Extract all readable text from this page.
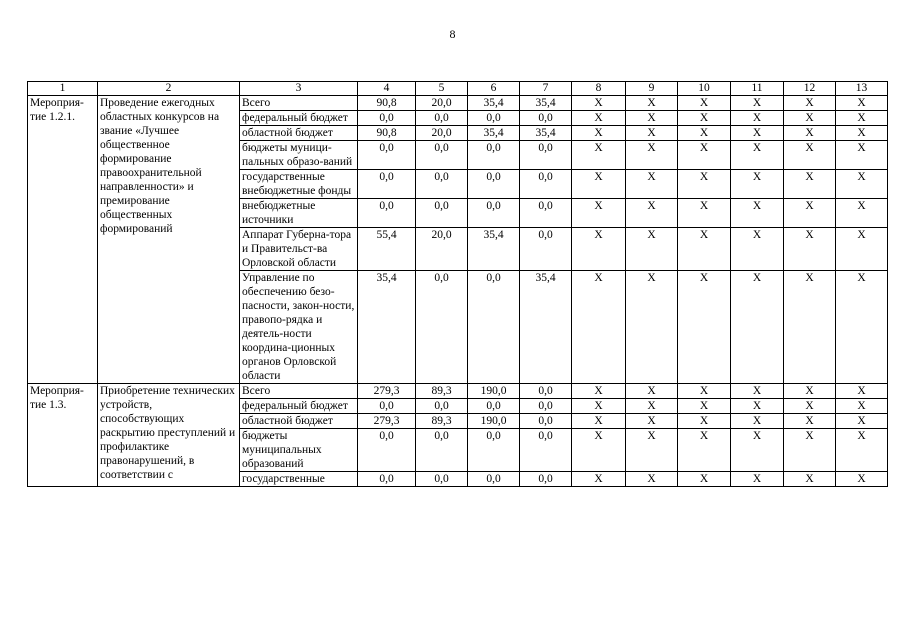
8
1	2	3	4	5	6	7	8	9	10	11	12	13
Мероприя-тие 1.2.1.	Проведение ежегодных областных конкурсов на звание «Лучшее общественное формирование правоохранительной направленности» и премирование общественных формирований	Всего	90,8	20,0	35,4	35,4	Х	Х	Х	Х	Х	Х
		федеральный бюджет	0,0	0,0	0,0	0,0	Х	Х	Х	Х	Х	Х
		областной бюджет	90,8	20,0	35,4	35,4	Х	Х	Х	Х	Х	Х
		бюджеты муници-пальных образо-ваний	0,0	0,0	0,0	0,0	Х	Х	Х	Х	Х	Х
		государственные внебюджетные фонды	0,0	0,0	0,0	0,0	Х	Х	Х	Х	Х	Х
		внебюджетные источники	0,0	0,0	0,0	0,0	Х	Х	Х	Х	Х	Х
		Аппарат Губерна-тора и Правительст-ва Орловской области	55,4	20,0	35,4	0,0	Х	Х	Х	Х	Х	Х
		Управление по обеспечению безо-пасности, закон-ности, правопо-рядка и деятель-ности координа-ционных органов Орловской области	35,4	0,0	0,0	35,4	Х	Х	Х	Х	Х	Х
Мероприя-тие 1.3.	Приобретение технических устройств, способствующих раскрытию преступлений и профилактике правонарушений, в соответствии с	Всего	279,3	89,3	190,0	0,0	Х	Х	Х	Х	Х	Х
		федеральный бюджет	0,0	0,0	0,0	0,0	Х	Х	Х	Х	Х	Х
		областной бюджет	279,3	89,3	190,0	0,0	Х	Х	Х	Х	Х	Х
		бюджеты муниципальных образований	0,0	0,0	0,0	0,0	Х	Х	Х	Х	Х	Х
		государственные	0,0	0,0	0,0	0,0	Х	Х	Х	Х	Х	Х
